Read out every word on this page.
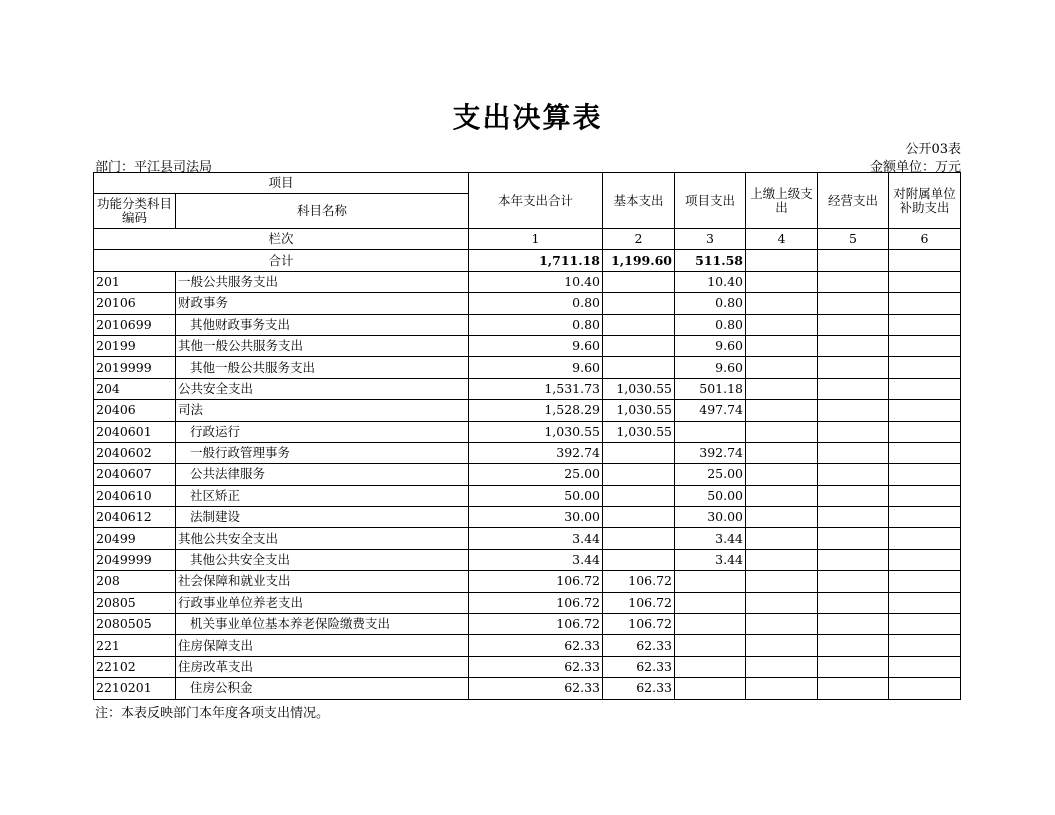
支出决算表
公开03表
部门：平江县司法局	金额单位：万元
项目		本年支出合计	基本支出	项目支出	上缴上级支出	经营支出	对附属单位补助支出
功能分类科目编码	科目名称						
栏次		1	2	3	4	5	6
合计		1,711.18	1,199.60	511.58			
201	一般公共服务支出	10.40		10.40			
20106	财政事务	0.80		0.80			
2010699	其他财政事务支出	0.80		0.80			
20199	其他一般公共服务支出	9.60		9.60			
2019999	其他一般公共服务支出	9.60		9.60			
204	公共安全支出	1,531.73	1,030.55	501.18			
20406	司法	1,528.29	1,030.55	497.74			
2040601	行政运行	1,030.55	1,030.55				
2040602	一般行政管理事务	392.74		392.74			
2040607	公共法律服务	25.00		25.00			
2040610	社区矫正	50.00		50.00			
2040612	法制建设	30.00		30.00			
20499	其他公共安全支出	3.44		3.44			
2049999	其他公共安全支出	3.44		3.44			
208	社会保障和就业支出	106.72	106.72				
20805	行政事业单位养老支出	106.72	106.72				
2080505	机关事业单位基本养老保险缴费支出	106.72	106.72				
221	住房保障支出	62.33	62.33				
22102	住房改革支出	62.33	62.33				
2210201	住房公积金	62.33	62.33				
注：本表反映部门本年度各项支出情况。
